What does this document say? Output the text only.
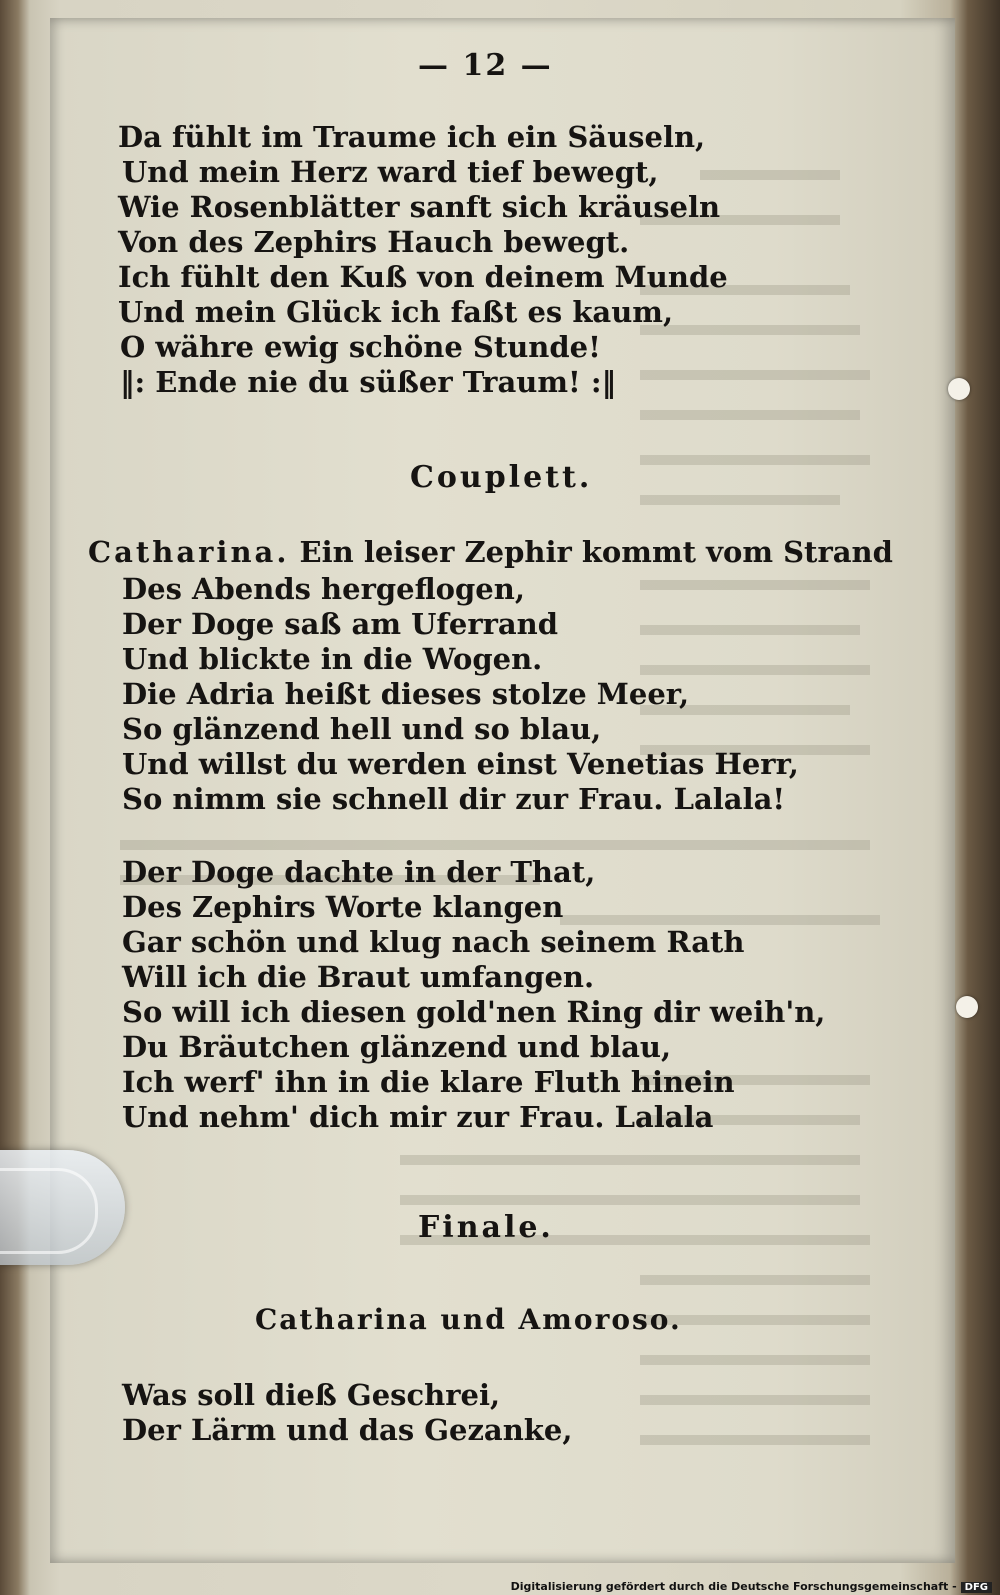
— 12 —
Da fühlt im Traume ich ein Säuseln,
Und mein Herz ward tief bewegt,
Wie Rosenblätter sanft sich kräuseln
Von des Zephirs Hauch bewegt.
Ich fühlt den Kuß von deinem Munde
Und mein Glück ich faßt es kaum,
O währe ewig schöne Stunde!
‖: Ende nie du süßer Traum! :‖
Couplett.
Catharina. Ein leiser Zephir kommt vom Strand
Des Abends hergeflogen,
Der Doge saß am Uferrand
Und blickte in die Wogen.
Die Adria heißt dieses stolze Meer,
So glänzend hell und so blau,
Und willst du werden einst Venetias Herr,
So nimm sie schnell dir zur Frau. Lalala!
Der Doge dachte in der That,
Des Zephirs Worte klangen
Gar schön und klug nach seinem Rath
Will ich die Braut umfangen.
So will ich diesen gold'nen Ring dir weih'n,
Du Bräutchen glänzend und blau,
Ich werf' ihn in die klare Fluth hinein
Und nehm' dich mir zur Frau. Lalala
Finale.
Catharina und Amoroso.
Was soll dieß Geschrei,
Der Lärm und das Gezanke,
Digitalisierung gefördert durch die Deutsche Forschungsgemeinschaft - DFG
